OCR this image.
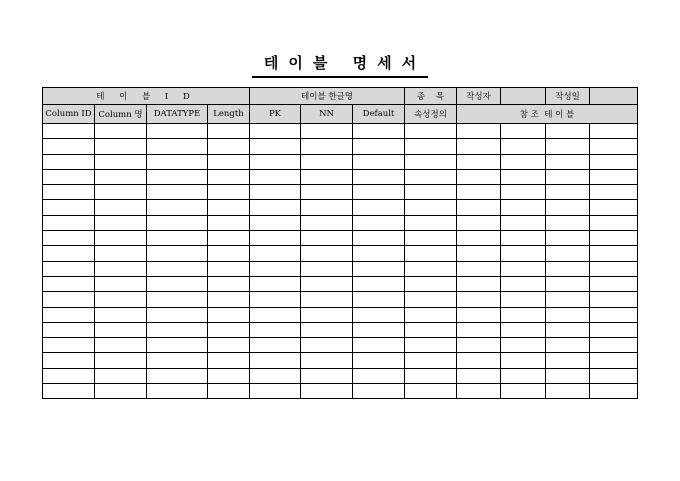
테이블 명세서
테 이 블 I D				테이블 한글명			종    목	작성자		작성일	
Column ID	Column 명	DATATYPE	Length	PK	NN	Default	속성정의	참 조  테 이 블			
